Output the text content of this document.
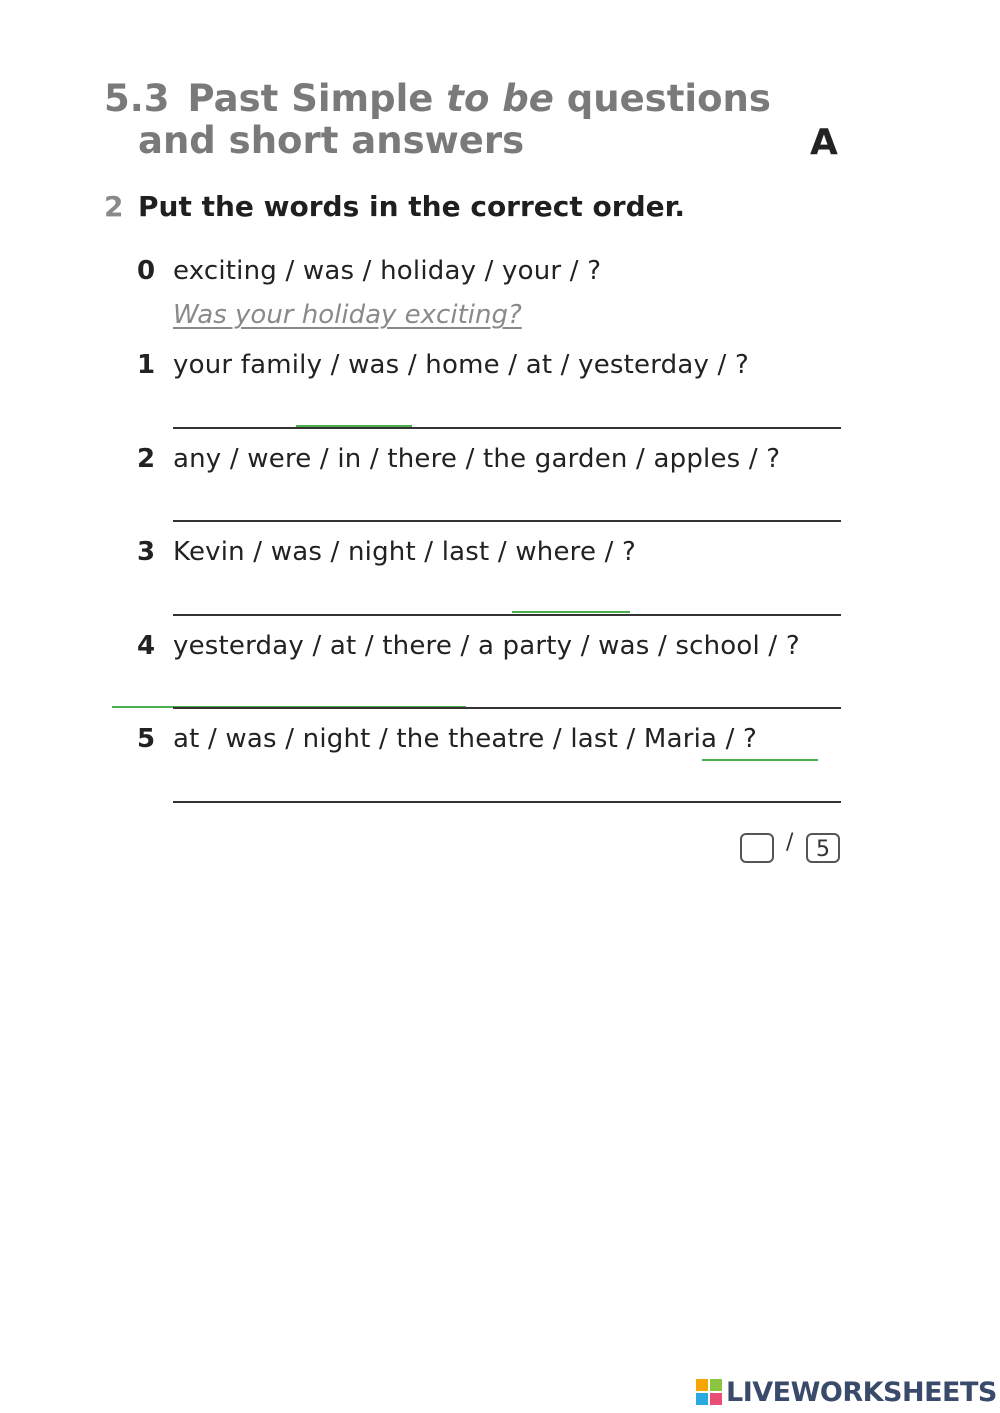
5.3 Past Simple to be questions
and short answers	A
2 Put the words in the correct order.
0 exciting / was / holiday / your / ?
Was your holiday exciting?
1 your family / was / home / at / yesterday / ?
2 any / were / in / there / the garden / apples / ?
3 Kevin / was / night / last / where / ?
4 yesterday / at / there / a party / was / school / ?
5 at / was / night / the theatre / last / Maria / ?
/	5
LIVEWORKSHEETS
